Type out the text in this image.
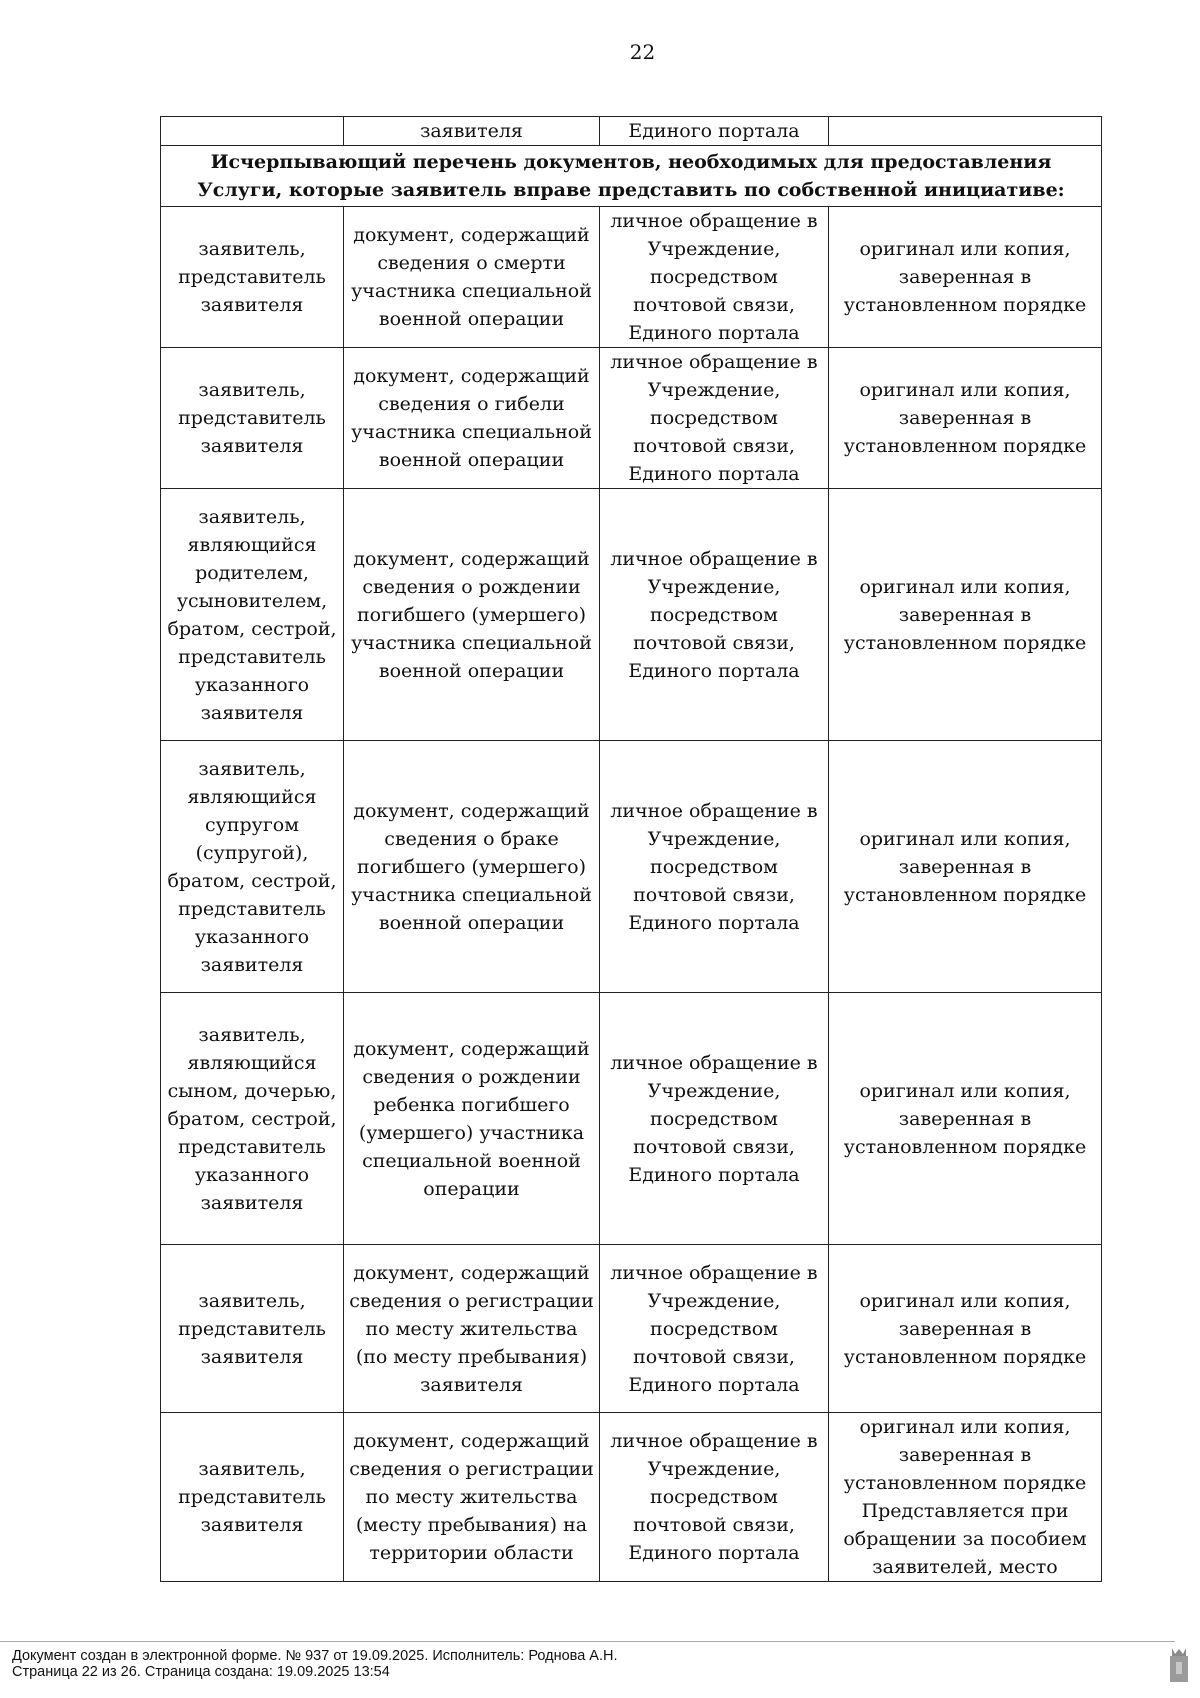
22
	заявителя	Единого портала	
Исчерпывающий перечень документов, необходимых для предоставления Услуги, которые заявитель вправе представить по собственной инициативе:			
заявитель, представитель заявителя	документ, содержащий сведения о смерти участника специальной военной операции	личное обращение в Учреждение, посредством почтовой связи, Единого портала	оригинал или копия, заверенная в установленном порядке
заявитель, представитель заявителя	документ, содержащий сведения о гибели участника специальной военной операции	личное обращение в Учреждение, посредством почтовой связи, Единого портала	оригинал или копия, заверенная в установленном порядке
заявитель, являющийся родителем, усыновителем, братом, сестрой, представитель указанного заявителя	документ, содержащий сведения о рождении погибшего (умершего) участника специальной военной операции	личное обращение в Учреждение, посредством почтовой связи, Единого портала	оригинал или копия, заверенная в установленном порядке
заявитель, являющийся супругом (супругой), братом, сестрой, представитель указанного заявителя	документ, содержащий сведения о браке погибшего (умершего) участника специальной военной операции	личное обращение в Учреждение, посредством почтовой связи, Единого портала	оригинал или копия, заверенная в установленном порядке
заявитель, являющийся сыном, дочерью, братом, сестрой, представитель указанного заявителя	документ, содержащий сведения о рождении ребенка погибшего (умершего) участника специальной военной операции	личное обращение в Учреждение, посредством почтовой связи, Единого портала	оригинал или копия, заверенная в установленном порядке
заявитель, представитель заявителя	документ, содержащий сведения о регистрации по месту жительства (по месту пребывания) заявителя	личное обращение в Учреждение, посредством почтовой связи, Единого портала	оригинал или копия, заверенная в установленном порядке
заявитель, представитель заявителя	документ, содержащий сведения о регистрации по месту жительства (месту пребывания) на территории области	личное обращение в Учреждение, посредством почтовой связи, Единого портала	оригинал или копия, заверенная в установленном порядке Представляется при обращении за пособием заявителей, место
Документ создан в электронной форме. № 937 от 19.09.2025. Исполнитель: Роднова А.Н.
Страница 22 из 26. Страница создана: 19.09.2025 13:54
